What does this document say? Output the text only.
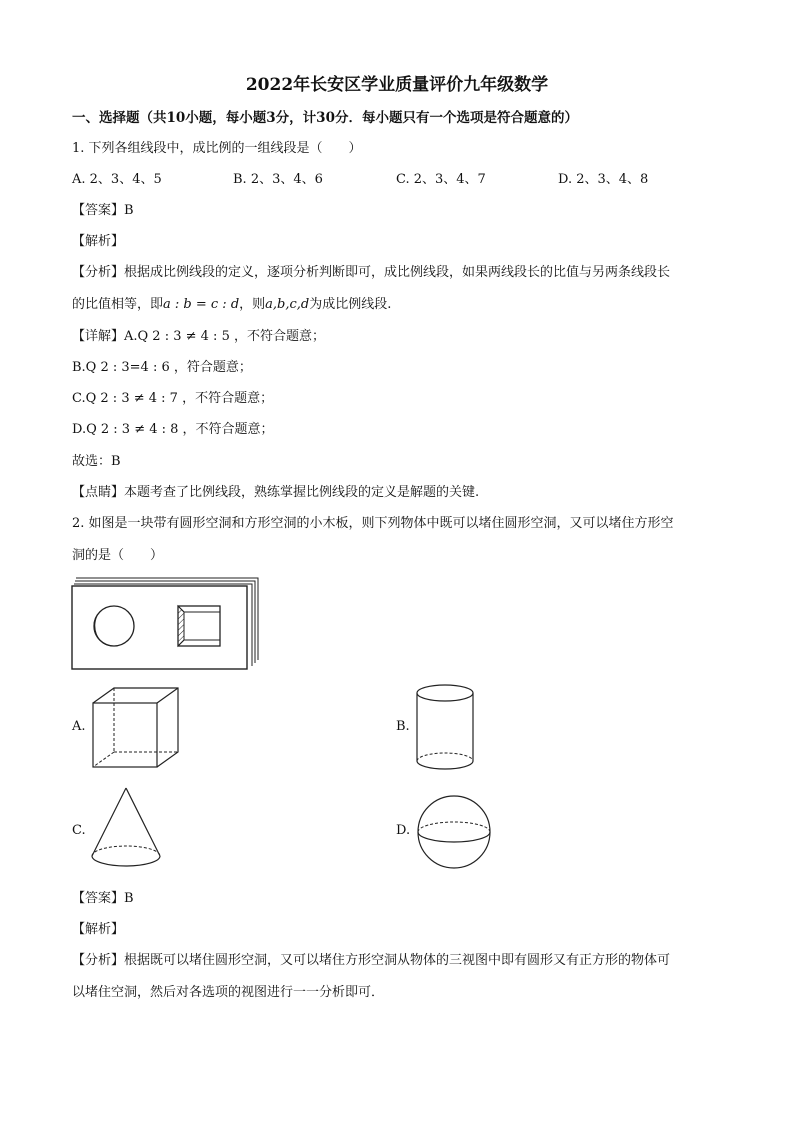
2022年长安区学业质量评价九年级数学
一、选择题（共10小题，每小题3分，计30分．每小题只有一个选项是符合题意的）
1. 下列各组线段中，成比例的一组线段是（　　）
A. 2、3、4、5	B. 2、3、4、6	C. 2、3、4、7	D. 2、3、4、8
【答案】B
【解析】
【分析】根据成比例线段的定义，逐项分析判断即可，成比例线段，如果两线段长的比值与另两条线段长
的比值相等，即a : b = c : d，则a,b,c,d为成比例线段.
【详解】A.Q 2 : 3 ≠ 4 : 5 ，不符合题意；
B.Q 2 : 3=4 : 6 ，符合题意；
C.Q 2 : 3 ≠ 4 : 7 ，不符合题意；
D.Q 2 : 3 ≠ 4 : 8 ，不符合题意；
故选：B
【点睛】本题考查了比例线段，熟练掌握比例线段的定义是解题的关键.
2. 如图是一块带有圆形空洞和方形空洞的小木板，则下列物体中既可以堵住圆形空洞，又可以堵住方形空
洞的是（　　）
A.	B.
C.	D.
【答案】B
【解析】
【分析】根据既可以堵住圆形空洞，又可以堵住方形空洞从物体的三视图中即有圆形又有正方形的物体可
以堵住空洞，然后对各选项的视图进行一一分析即可．
